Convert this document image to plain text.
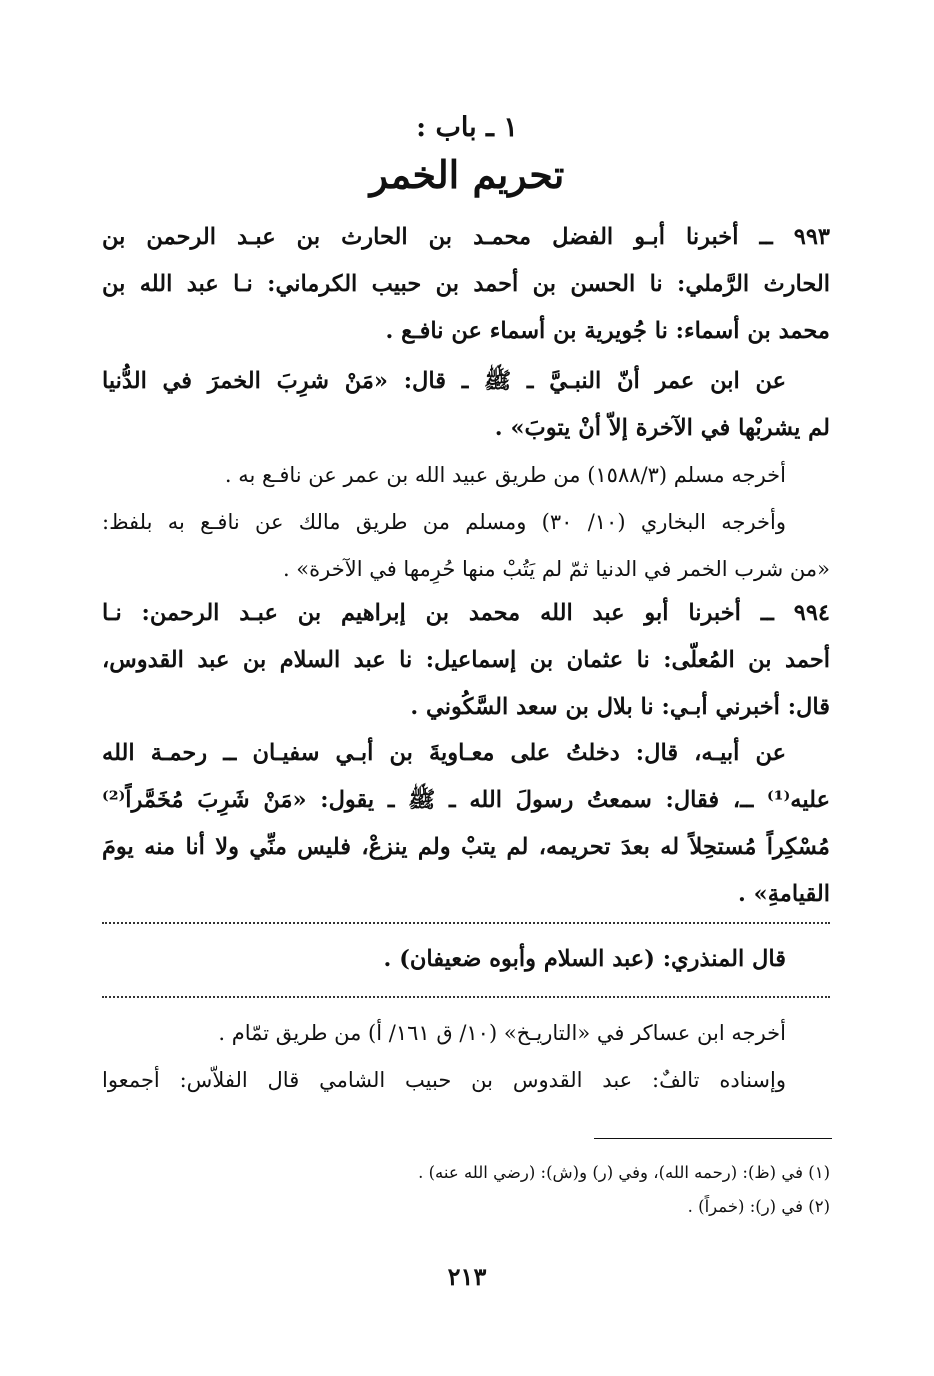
١ ـ باب :
تحريم الخمر
٩٩٣ ــ أخبرنا أبـو الفضل محمـد بن الحارث بن عبـد الرحمن بن
الحارث الرَّملي: نا الحسن بن أحمد بن حبيب الكرماني: نـا عبد الله بن
محمد بن أسماء: نا جُويرية بن أسماء عن نافـع .
عن ابن عمر أنّ النبـيَّ ـ ﷺ ـ قال: «مَنْ شرِبَ الخمرَ في الدُّنيا
لم يشربْها في الآخرة إلاّ أنْ يتوبَ» .
أخرجه مسلم (١٥٨٨/٣) من طريق عبيد الله بن عمر عن نافـع به .
وأخرجه البخاري (١٠/ ٣٠) ومسلم من طريق مالك عن نافـع به بلفظ:
«من شرب الخمر في الدنيا ثمّ لم يَتُبْ منها حُرِمها في الآخرة» .
٩٩٤ ــ أخبرنا أبو عبد الله محمد بن إبراهيم بن عبـد الرحمن: نـا
أحمد بن المُعلّى: نا عثمان بن إسماعيل: نا عبد السلام بن عبد القدوس،
قال: أخبرني أبـي: نا بلال بن سعد السَّكُوني .
عن أبيـه، قال: دخلتُ على معـاويةَ بن أبـي سفيـان ــ رحمـة الله
عليه⁽¹⁾ ــ، فقال: سمعتُ رسولَ الله ـ ﷺ ـ يقول: «مَنْ شَرِبَ مُخَمَّراً⁽²⁾
مُسْكِراً مُستحِلاً له بعدَ تحريمه، لم يتبْ ولم ينزعْ، فليس منِّي ولا أنا منه يومَ
القيامةِ» .
قال المنذري: (عبد السلام وأبوه ضعيفان) .
أخرجه ابن عساكر في «التاريـخ» (١٠/ ق ١٦١/ أ) من طريق تمّام .
وإسناده تالفٌ: عبد القدوس بن حبيب الشامي قال الفلاّس: أجمعوا
(١) في (ظ): (رحمه الله)، وفي (ر) و(ش): (رضي الله عنه) .
(٢) في (ر): (خمراً) .
٢١٣
